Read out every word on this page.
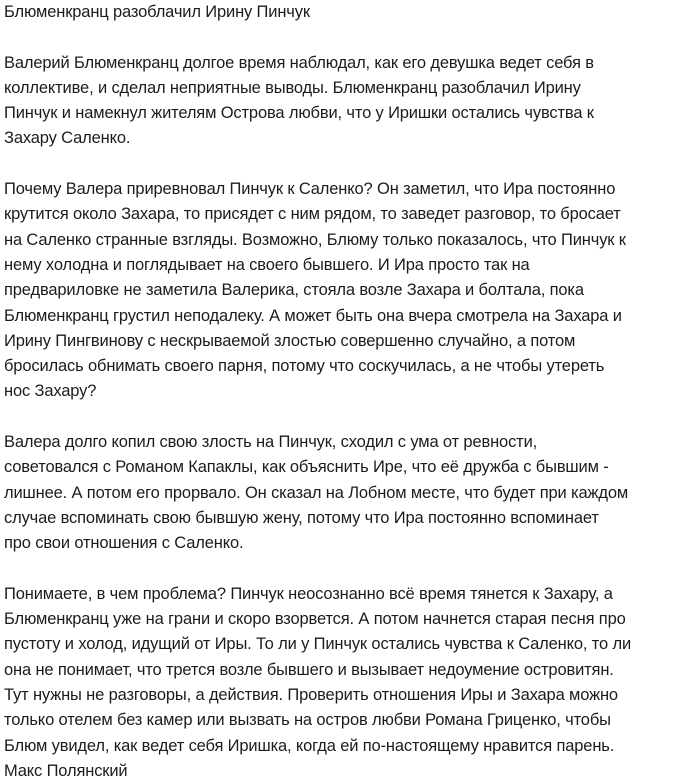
Блюменкранц разоблачил Ирину Пинчук
Валерий Блюменкранц долгое время наблюдал, как его девушка ведет себя в
коллективе, и сделал неприятные выводы. Блюменкранц разоблачил Ирину
Пинчук и намекнул жителям Острова любви, что у Иришки остались чувства к
Захару Саленко.
Почему Валера приревновал Пинчук к Саленко? Он заметил, что Ира постоянно
крутится около Захара, то присядет с ним рядом, то заведет разговор, то бросает
на Саленко странные взгляды. Возможно, Блюму только показалось, что Пинчук к
нему холодна и поглядывает на своего бывшего. И Ира просто так на
предвариловке не заметила Валерика, стояла возле Захара и болтала, пока
Блюменкранц грустил неподалеку. А может быть она вчера смотрела на Захара и
Ирину Пингвинову с нескрываемой злостью совершенно случайно, а потом
бросилась обнимать своего парня, потому что соскучилась, а не чтобы утереть
нос Захару?
Валера долго копил свою злость на Пинчук, сходил с ума от ревности,
советовался с Романом Капаклы, как объяснить Ире, что её дружба с бывшим -
лишнее. А потом его прорвало. Он сказал на Лобном месте, что будет при каждом
случае вспоминать свою бывшую жену, потому что Ира постоянно вспоминает
про свои отношения с Саленко.
Понимаете, в чем проблема? Пинчук неосознанно всё время тянется к Захару, а
Блюменкранц уже на грани и скоро взорвется. А потом начнется старая песня про
пустоту и холод, идущий от Иры. То ли у Пинчук остались чувства к Саленко, то ли
она не понимает, что трется возле бывшего и вызывает недоумение островитян.
Тут нужны не разговоры, а действия. Проверить отношения Иры и Захара можно
только отелем без камер или вызвать на остров любви Романа Гриценко, чтобы
Блюм увидел, как ведет себя Иришка, когда ей по-настоящему нравится парень.
Макс Полянский
